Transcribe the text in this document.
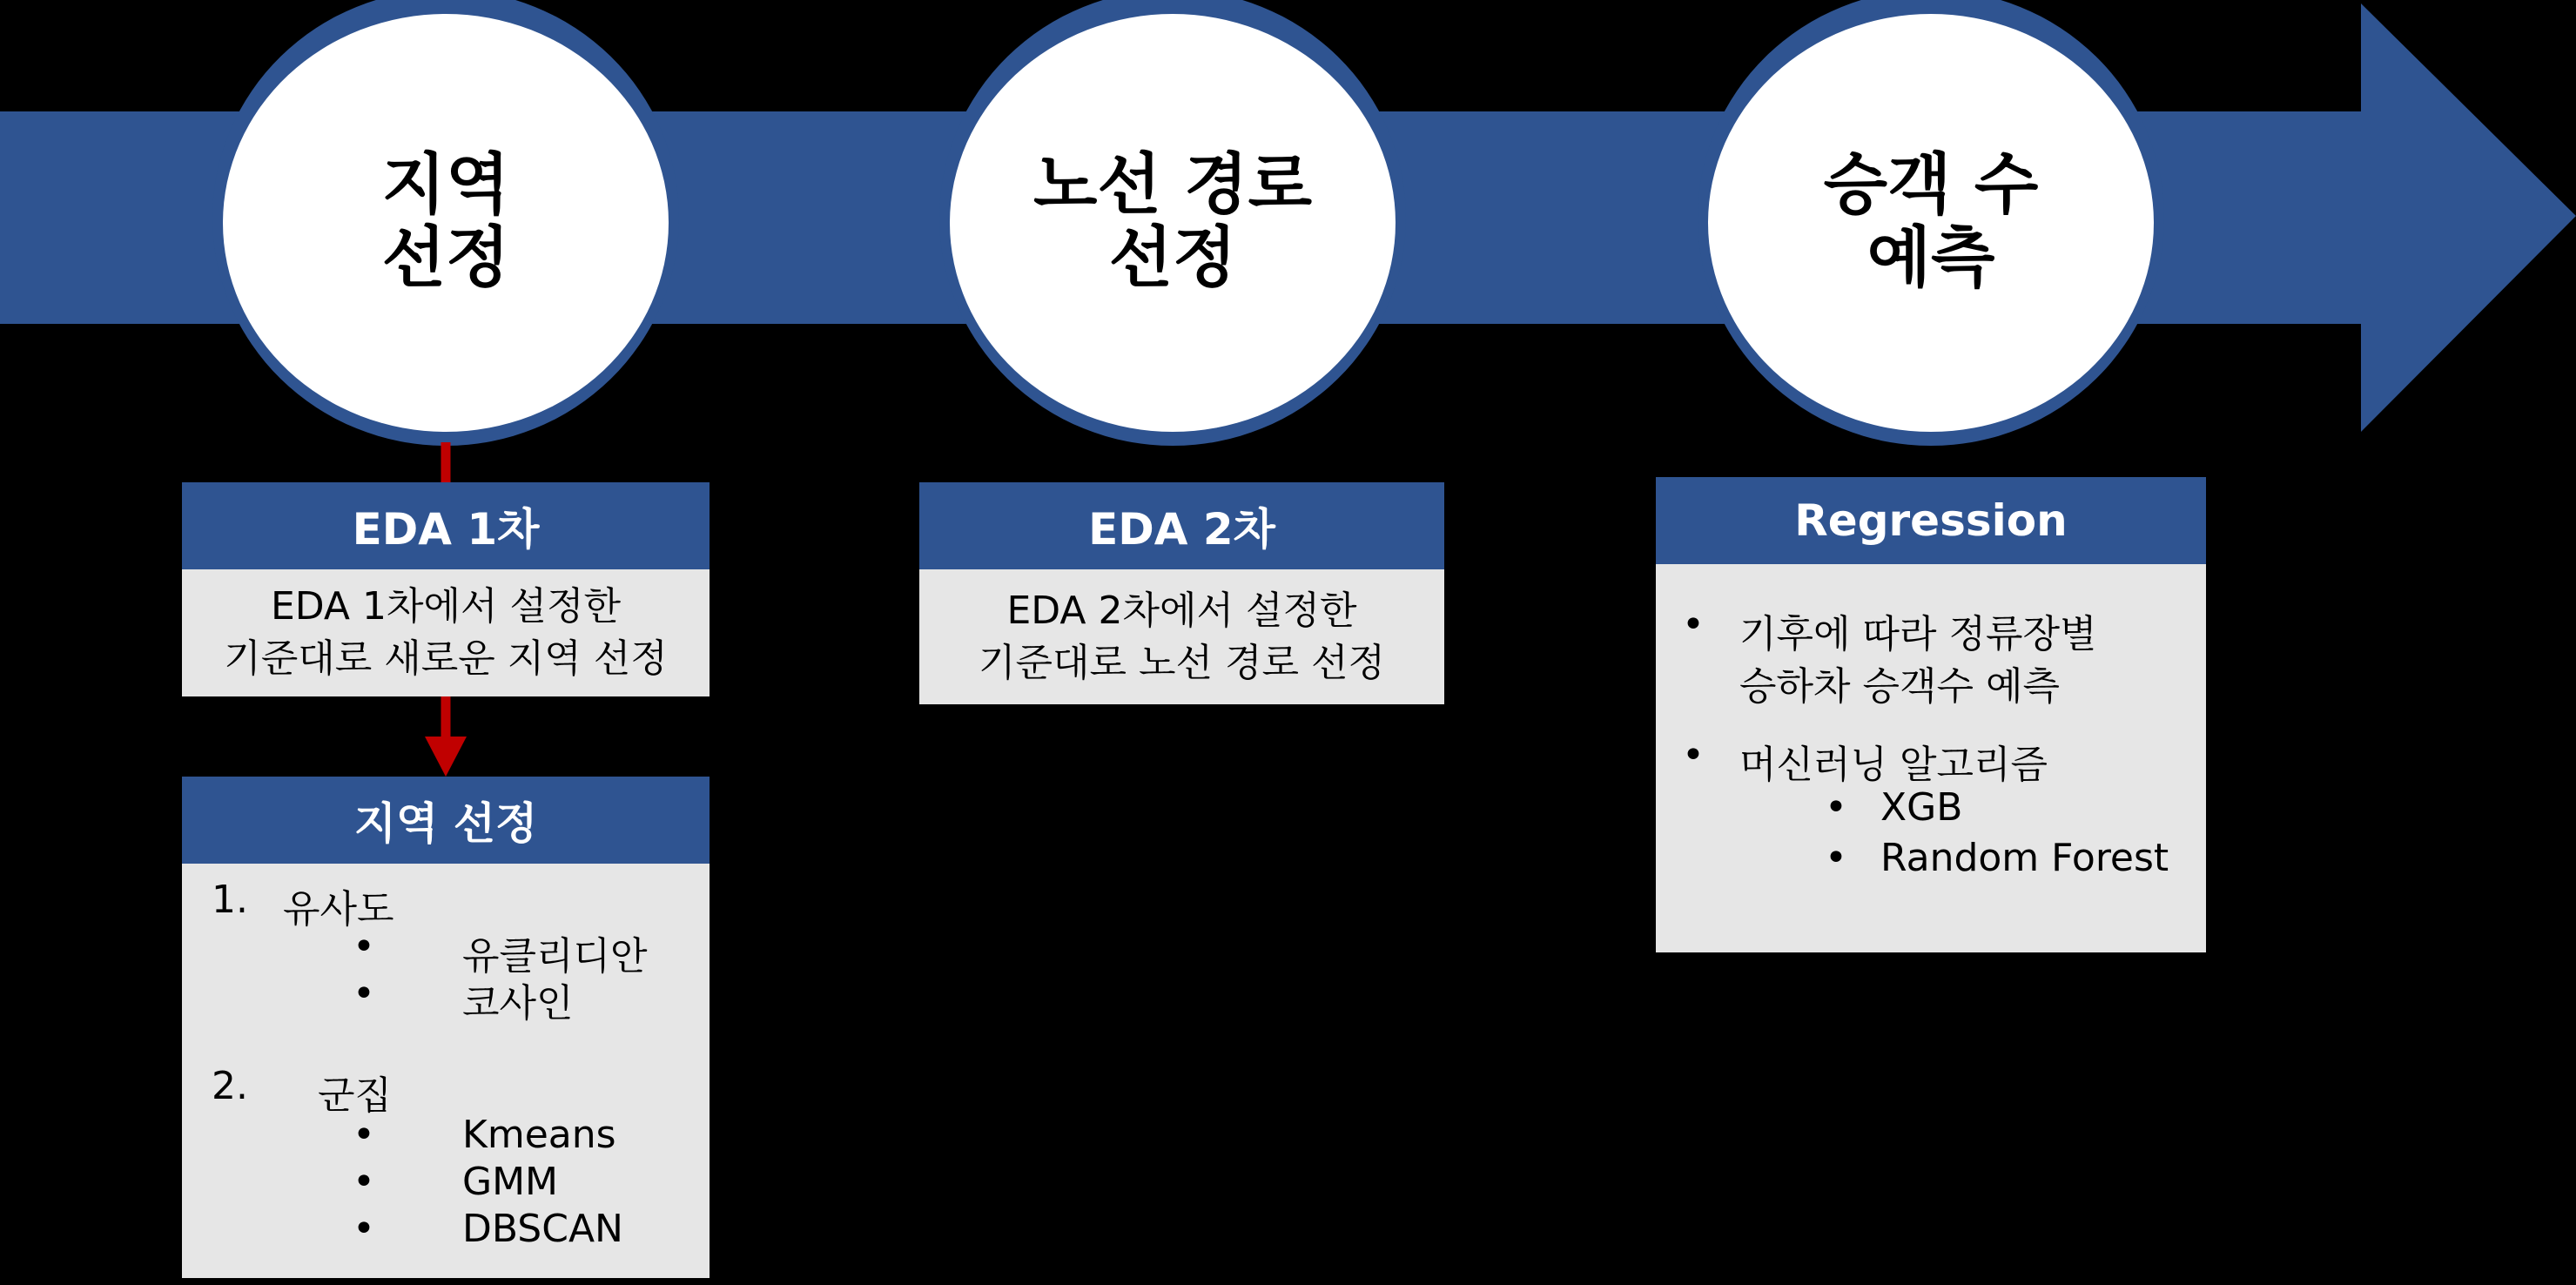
지역
선정
노선 경로
선정
승객 수
예측
EDA 1차
EDA 1차에서 설정한
기준대로 새로운 지역 선정
지역 선정
1. 유사도
• 유클리디안
• 코사인
2. 군집
• Kmeans
• GMM
• DBSCAN
EDA 2차
EDA 2차에서 설정한
기준대로 노선 경로 선정
Regression
• 기후에 따라 정류장별
승하차 승객수 예측
• 머신러닝 알고리즘
• XGB
• Random Forest
